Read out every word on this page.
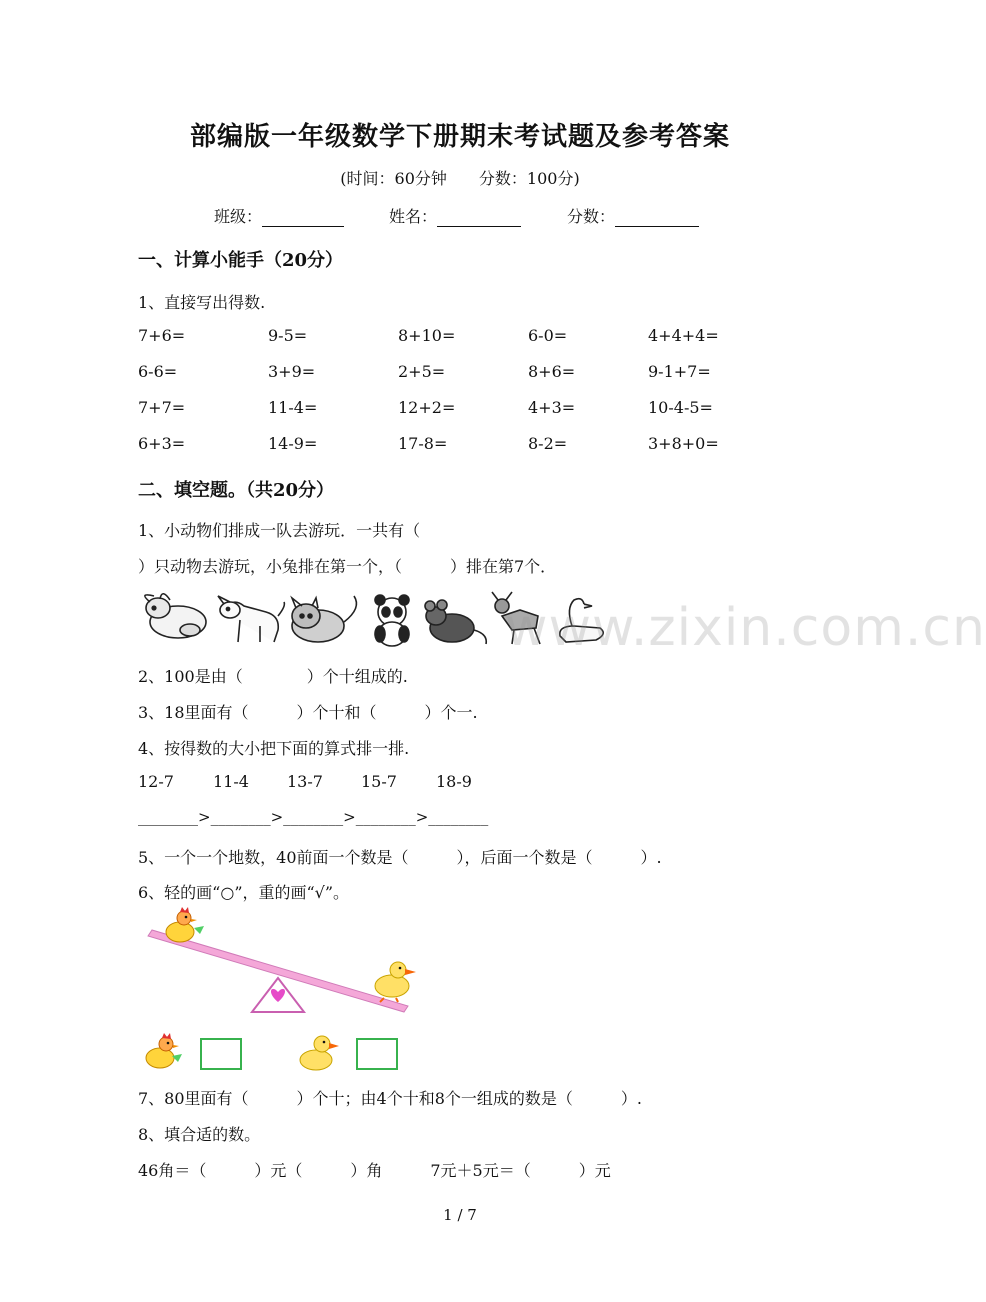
部编版一年级数学下册期末考试题及参考答案
(时间：60分钟　　分数：100分)
班级：	姓名：	分数：
一、计算小能手（20分）
1、直接写出得数.
7+6=	9-5=	8+10=	6-0=	4+4+4=
6-6=	3+9=	2+5=	8+6=	9-1+7=
7+7=	11-4=	12+2=	4+3=	10-4-5=
6+3=	14-9=	17-8=	8-2=	3+8+0=
二、填空题。（共20分）
1、小动物们排成一队去游玩．一共有（
）只动物去游玩，小兔排在第一个，（　　　）排在第7个．
www.zixin.com.cn
2、100是由（　　　　）个十组成的.
3、18里面有（　　　）个十和（　　　）个一.
4、按得数的大小把下面的算式排一排.
12-7 11-4 13-7 15-7 18-9
________>________>________>________>________
5、一个一个地数，40前面一个数是（　　　），后面一个数是（　　　）.
6、轻的画“○”，重的画“√”。
7、80里面有（　　　）个十；由4个十和8个一组成的数是（　　　）.
8、填合适的数。
46角＝（　　　）元（　　　）角　　　7元＋5元＝（　　　）元
1 / 7
